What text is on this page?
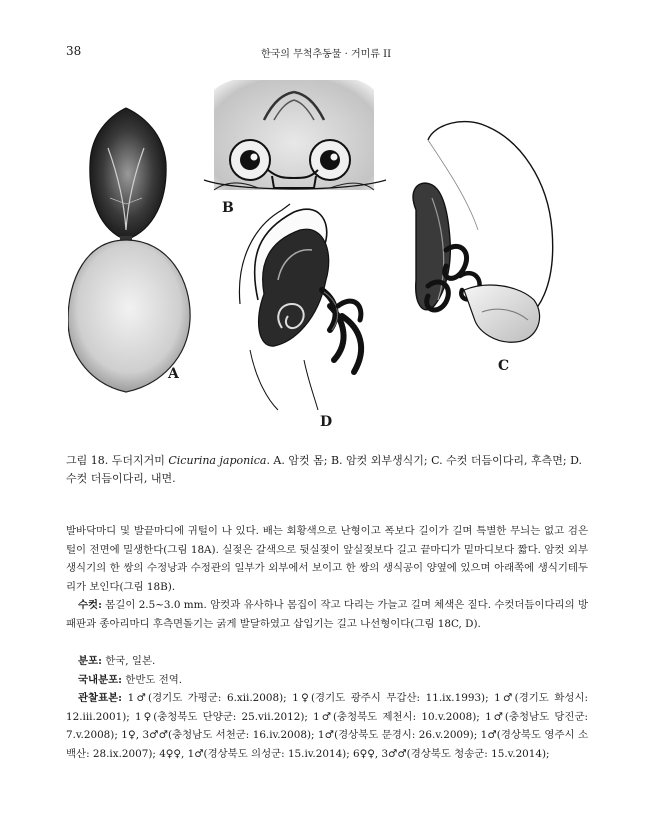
38	한국의 무척추동물 · 거미류 II
A
B
C
D
그림 18. 두더지거미 Cicurina japonica. A. 암컷 몸; B. 암컷 외부생식기; C. 수컷 더듬이다리, 후측면; D. 수컷 더듬이다리, 내면.

발바닥마디 및 발끝마디에 귀털이 나 있다. 배는 회황색으로 난형이고 폭보다 길이가 길며 특별한 무늬는 없고 검은 털이 전면에 밀생한다(그림 18A). 실젖은 갈색으로 뒷실젖이 앞실젖보다 길고 끝마디가 밑마디보다 짧다. 암컷 외부생식기의 한 쌍의 수정낭과 수정관의 일부가 외부에서 보이고 한 쌍의 생식공이 양옆에 있으며 아래쪽에 생식기테두리가 보인다(그림 18B).

수컷: 몸길이 2.5~3.0 mm. 암컷과 유사하나 몸집이 작고 다리는 가늘고 길며 체색은 짙다. 수컷더듬이다리의 방패판과 종아리마디 후측면돌기는 굵게 발달하였고 삽입기는 길고 나선형이다(그림 18C, D).

분포: 한국, 일본.

국내분포: 한반도 전역.

관찰표본: 1♂(경기도 가평군: 6.xii.2008); 1♀(경기도 광주시 무갑산: 11.ix.1993); 1♂(경기도 화성시: 12.iii.2001); 1♀(충청북도 단양군: 25.vii.2012); 1♂(충청북도 제천시: 10.v.2008); 1♂(충청남도 당진군: 7.v.2008); 1♀, 3♂♂(충청남도 서천군: 16.iv.2008); 1♂(경상북도 문경시: 26.v.2009); 1♂(경상북도 영주시 소백산: 28.ix.2007); 4♀♀, 1♂(경상북도 의성군: 15.iv.2014); 6♀♀, 3♂♂(경상북도 청송군: 15.v.2014);
